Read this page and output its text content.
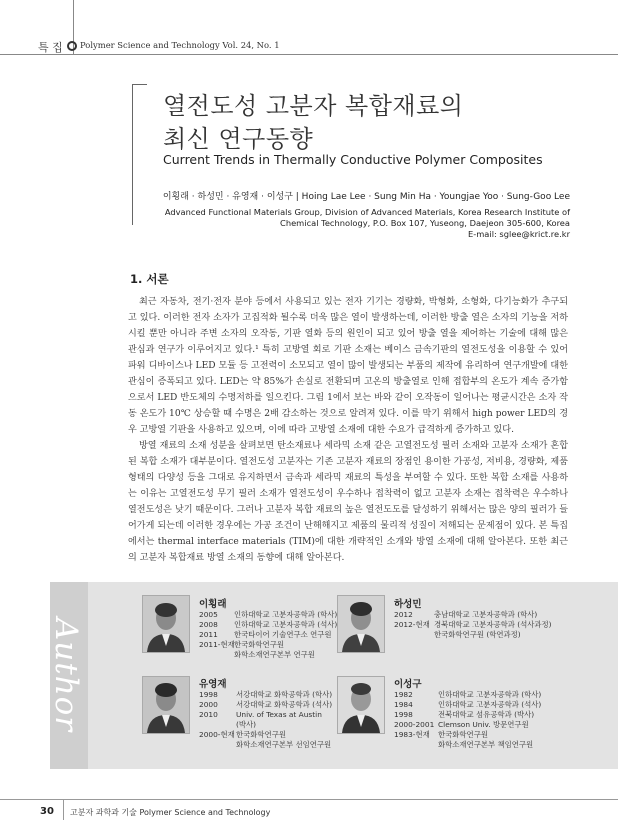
특 집 Polymer Science and Technology Vol. 24, No. 1
열전도성 고분자 복합재료의
최신 연구동향
Current Trends in Thermally Conductive Polymer Composites
이횡래 · 하성민 · 유영재 · 이성구 | Hoing Lae Lee · Sung Min Ha · Youngjae Yoo · Sung-Goo Lee
Advanced Functional Materials Group, Division of Advanced Materials, Korea Research Institute of
Chemical Technology, P.O. Box 107, Yuseong, Daejeon 305-600, Korea
E-mail: sglee@krict.re.kr
1. 서론

최근 자동차, 전기·전자 분야 등에서 사용되고 있는 전자 기기는 경량화, 박형화, 소형화, 다기능화가 추구되고 있다. 이러한 전자 소자가 고집적화 될수록 더욱 많은 열이 발생하는데, 이러한 방출 열은 소자의 기능을 저하시킬 뿐만 아니라 주변 소자의 오작동, 기판 열화 등의 원인이 되고 있어 방출 열을 제어하는 기술에 대해 많은 관심과 연구가 이루어지고 있다.¹ 특히 고방열 회로 기판 소재는 베이스 금속기판의 열전도성을 이용할 수 있어 파워 디바이스나 LED 모듈 등 고전력이 소모되고 열이 많이 발생되는 부품의 제작에 유리하여 연구개발에 대한 관심이 증폭되고 있다. LED는 약 85%가 손실로 전환되며 고온의 방출열로 인해 접합부의 온도가 계속 증가함으로서 LED 반도체의 수명저하를 일으킨다. 그림 1에서 보는 바와 같이 오작동이 일어나는 평균시간은 소자 작동 온도가 10℃ 상승할 때 수명은 2배 감소하는 것으로 알려져 있다. 이를 막기 위해서 high power LED의 경우 고방열 기판을 사용하고 있으며, 이에 따라 고방열 소재에 대한 수요가 급격하게 증가하고 있다.

방열 재료의 소재 성분을 살펴보면 탄소재료나 세라믹 소재 같은 고열전도성 필러 소재와 고분자 소재가 혼합된 복합 소재가 대부분이다. 열전도성 고분자는 기존 고분자 재료의 장점인 용이한 가공성, 저비용, 경량화, 제품형태의 다양성 등을 그대로 유지하면서 금속과 세라믹 재료의 특성을 부여할 수 있다. 또한 복합 소재를 사용하는 이유는 고열전도성 무기 필러 소재가 열전도성이 우수하나 접착력이 없고 고분자 소재는 접착력은 우수하나 열전도성은 낮기 때문이다. 그러나 고분자 복합 재료의 높은 열전도도를 달성하기 위해서는 많은 양의 필러가 들어가게 되는데 이러한 경우에는 가공 조건이 난해해지고 제품의 물리적 성질이 저해되는 문제점이 있다. 본 특집에서는 thermal interface materials (TIM)에 대한 개략적인 소개와 방열 소재에 대해 알아본다. 또한 최근의 고분자 복합재료 방열 소재의 동향에 대해 알아본다.

Author
이횡래
2005 인하대학교 고분자공학과 (학사)
2008 인하대학교 고분자공학과 (석사)
2011 한국타이어 기술연구소 연구원
2011-현재 한국화학연구원
화학소재연구본부 연구원
하성민
2012	충남대학교 고분자공학과 (학사)
2012-현재 경북대학교 고분자공학과 (석사과정)
한국화학연구원 (학연과정)
유영재
1998 서강대학교 화학공학과 (학사)
2000 서강대학교 화학공학과 (석사)
2010 Univ. of Texas at Austin
(박사)
2000-현재 한국화학연구원
화학소재연구본부 선임연구원
이성구
1982	인하대학교 고분자공학과 (학사)
1984	인하대학교 고분자공학과 (석사)
1998	전북대학교 섬유공학과 (박사)
2000-2001 Clemson Univ. 방문연구원
1983-현재 한국화학연구원
화학소재연구본부 책임연구원
30 고분자 과학과 기술 Polymer Science and Technology
